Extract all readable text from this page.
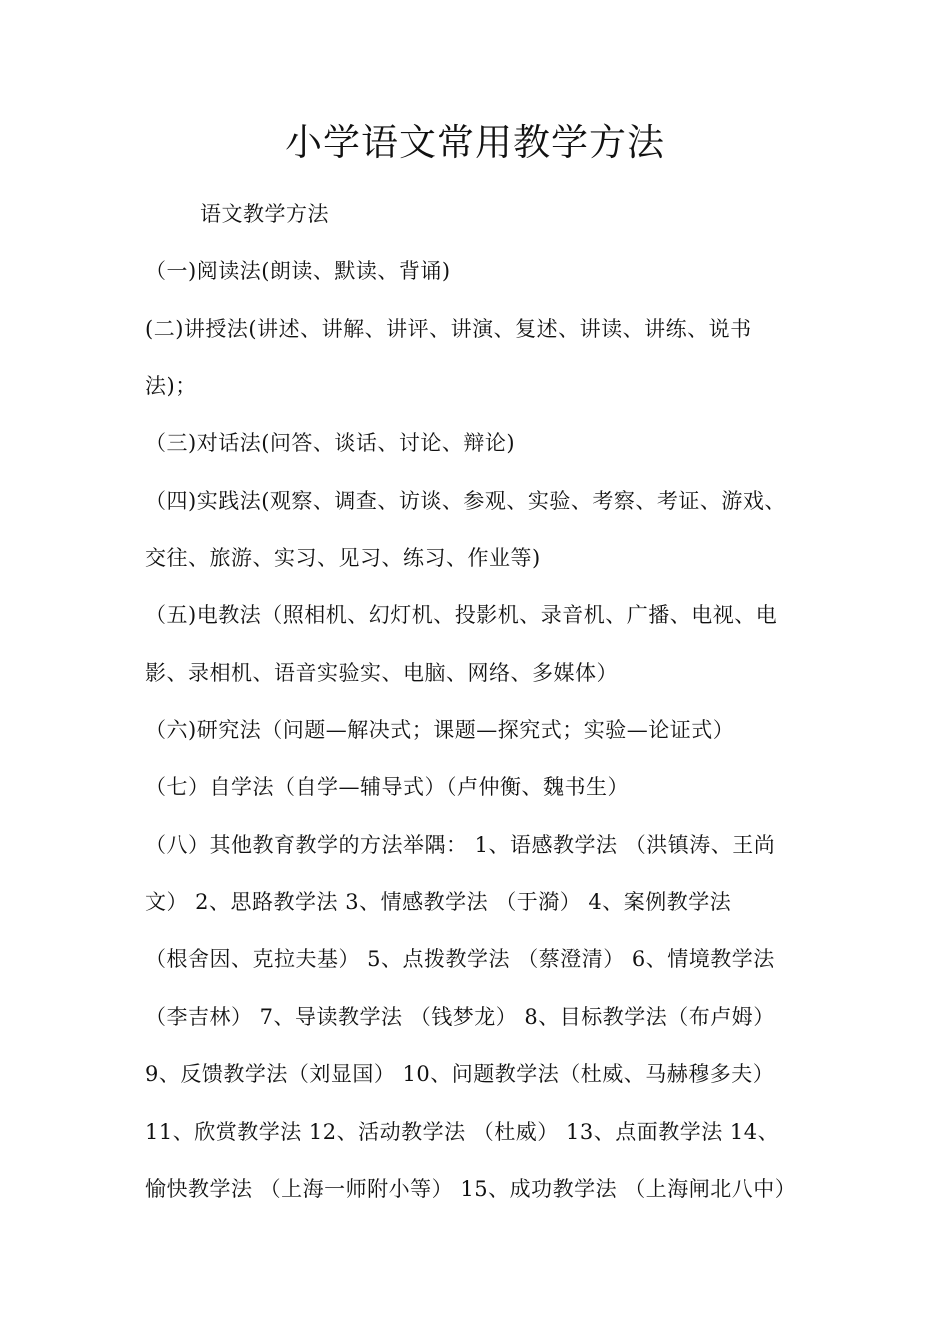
小学语文常用教学方法
语文教学方法
（一)阅读法(朗读、默读、背诵)
(二)讲授法(讲述、讲解、讲评、讲演、复述、讲读、讲练、说书
法)；
（三)对话法(问答、谈话、讨论、辩论)
（四)实践法(观察、调查、访谈、参观、实验、考察、考证、游戏、
交往、旅游、实习、见习、练习、作业等)
（五)电教法（照相机、幻灯机、投影机、录音机、广播、电视、电
影、录相机、语音实验实、电脑、网络、多媒体）
（六)研究法（问题—解决式；课题—探究式；实验—论证式）
（七）自学法（自学—辅导式）（卢仲衡、魏书生）
（八）其他教育教学的方法举隅： 1、语感教学法 （洪镇涛、王尚
文） 2、思路教学法 3、情感教学法 （于漪） 4、案例教学法
（根舍因、克拉夫基） 5、点拨教学法 （蔡澄清） 6、情境教学法
（李吉林） 7、导读教学法 （钱梦龙） 8、目标教学法（布卢姆）
9、反馈教学法（刘显国） 10、问题教学法（杜威、马赫穆多夫）
11、欣赏教学法 12、活动教学法 （杜威） 13、点面教学法 14、
愉快教学法 （上海一师附小等） 15、成功教学法 （上海闸北八中）
